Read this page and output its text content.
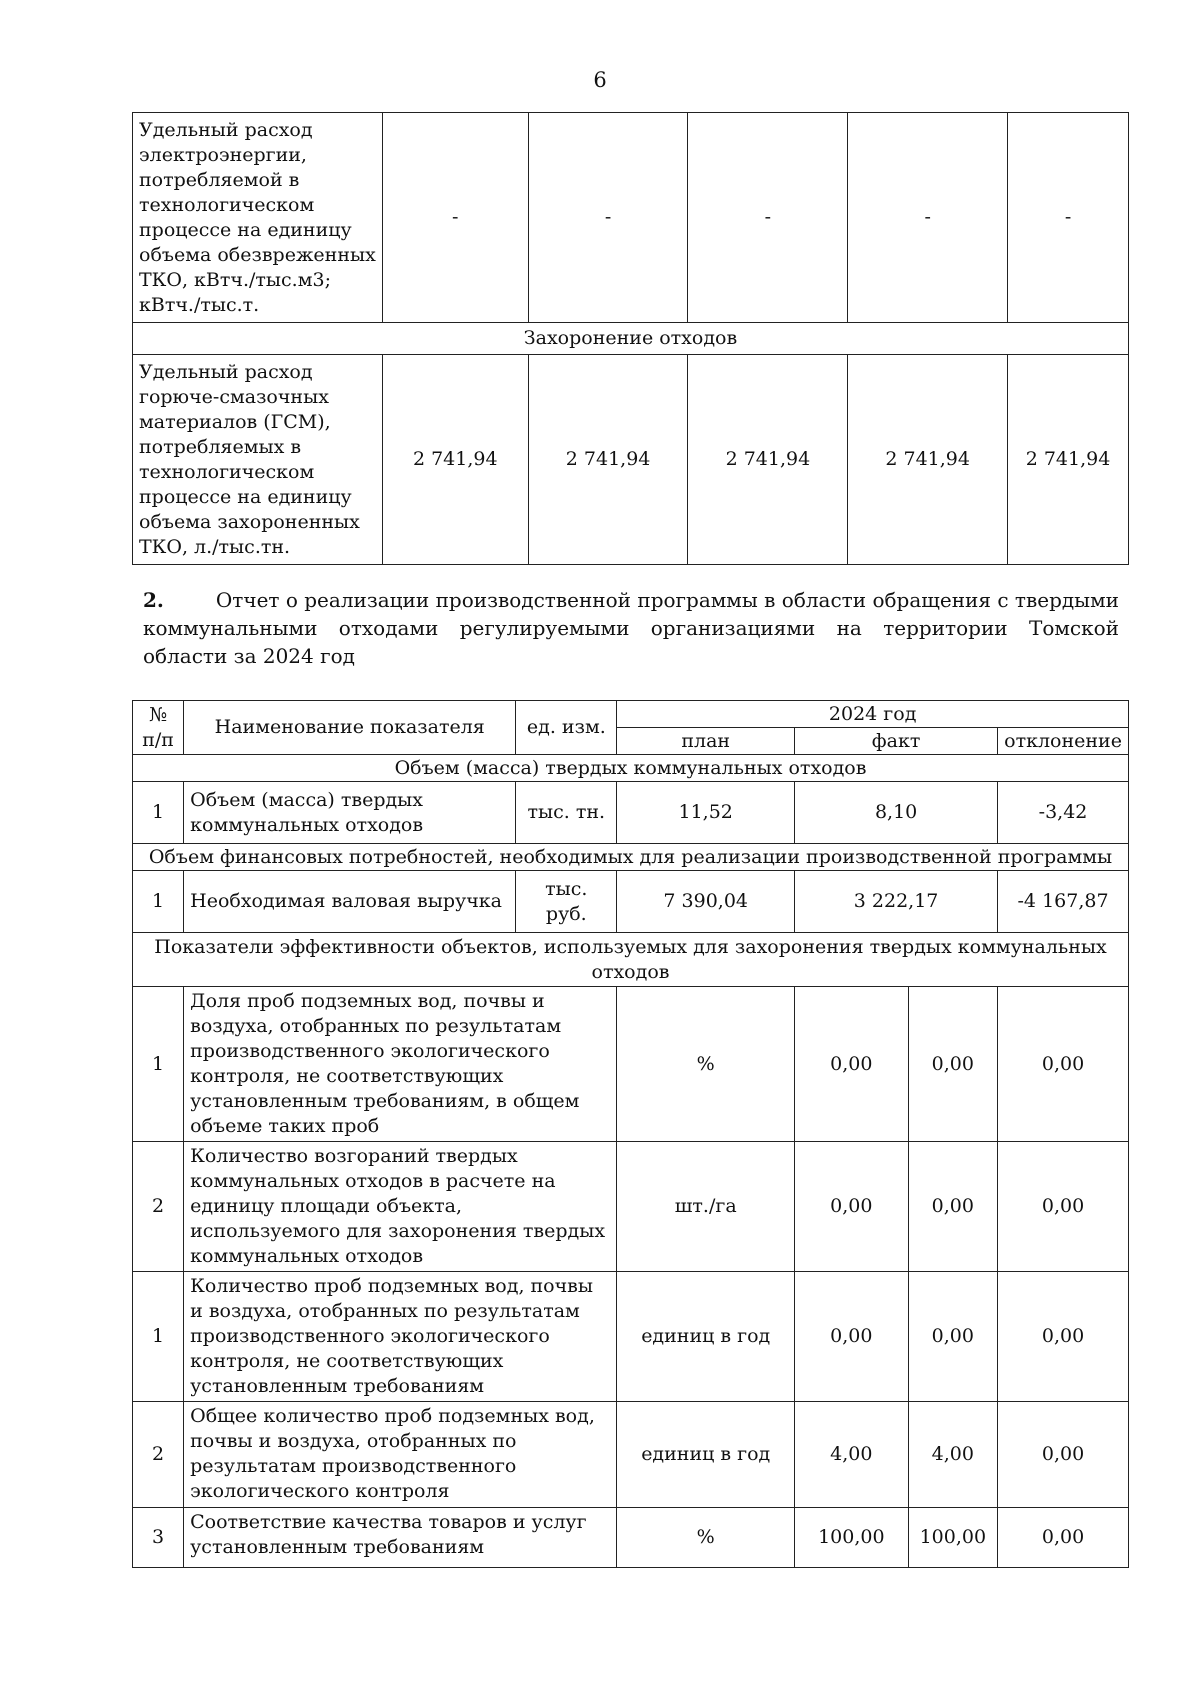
6
Удельный расход электроэнергии, потребляемой в технологическом процессе на единицу объема обезвреженных ТКО, кВтч./тыс.м3; кВтч./тыс.т.	-	-	-	-	-
Захоронение отходов					
Удельный расход горюче-смазочных материалов (ГСМ), потребляемых в технологическом процессе на единицу объема захороненных ТКО, л./тыс.тн.	2 741,94	2 741,94	2 741,94	2 741,94	2 741,94
2.	Отчет о реализации производственной программы в области обращения с твердыми коммунальными отходами регулируемыми организациями на территории Томской области за 2024 год
№ п/п	Наименование показателя	ед. изм.	2024 год			
			план	факт		отклонение
Объем (масса) твердых коммунальных отходов						
1	Объем (масса) твердых коммунальных отходов	тыс. тн.	11,52	8,10		-3,42
Объем финансовых потребностей, необходимых для реализации производственной программы						
1	Необходимая валовая выручка	тыс. руб.	7 390,04	3 222,17		-4 167,87
Показатели эффективности объектов, используемых для захоронения твердых коммунальных отходов						
1	Доля проб подземных вод, почвы и воздуха, отобранных по результатам производственного экологического контроля, не соответствующих установленным требованиям, в общем объеме таких проб		%	0,00	0,00	0,00
2	Количество возгораний твердых коммунальных отходов в расчете на единицу площади объекта, используемого для захоронения твердых коммунальных отходов		шт./га	0,00	0,00	0,00
1	Количество проб подземных вод, почвы и воздуха, отобранных по результатам производственного экологического контроля, не соответствующих установленным требованиям		единиц в год	0,00	0,00	0,00
2	Общее количество проб подземных вод, почвы и воздуха, отобранных по результатам производственного экологического контроля		единиц в год	4,00	4,00	0,00
3	Соответствие качества товаров и услуг установленным требованиям		%	100,00	100,00	0,00
